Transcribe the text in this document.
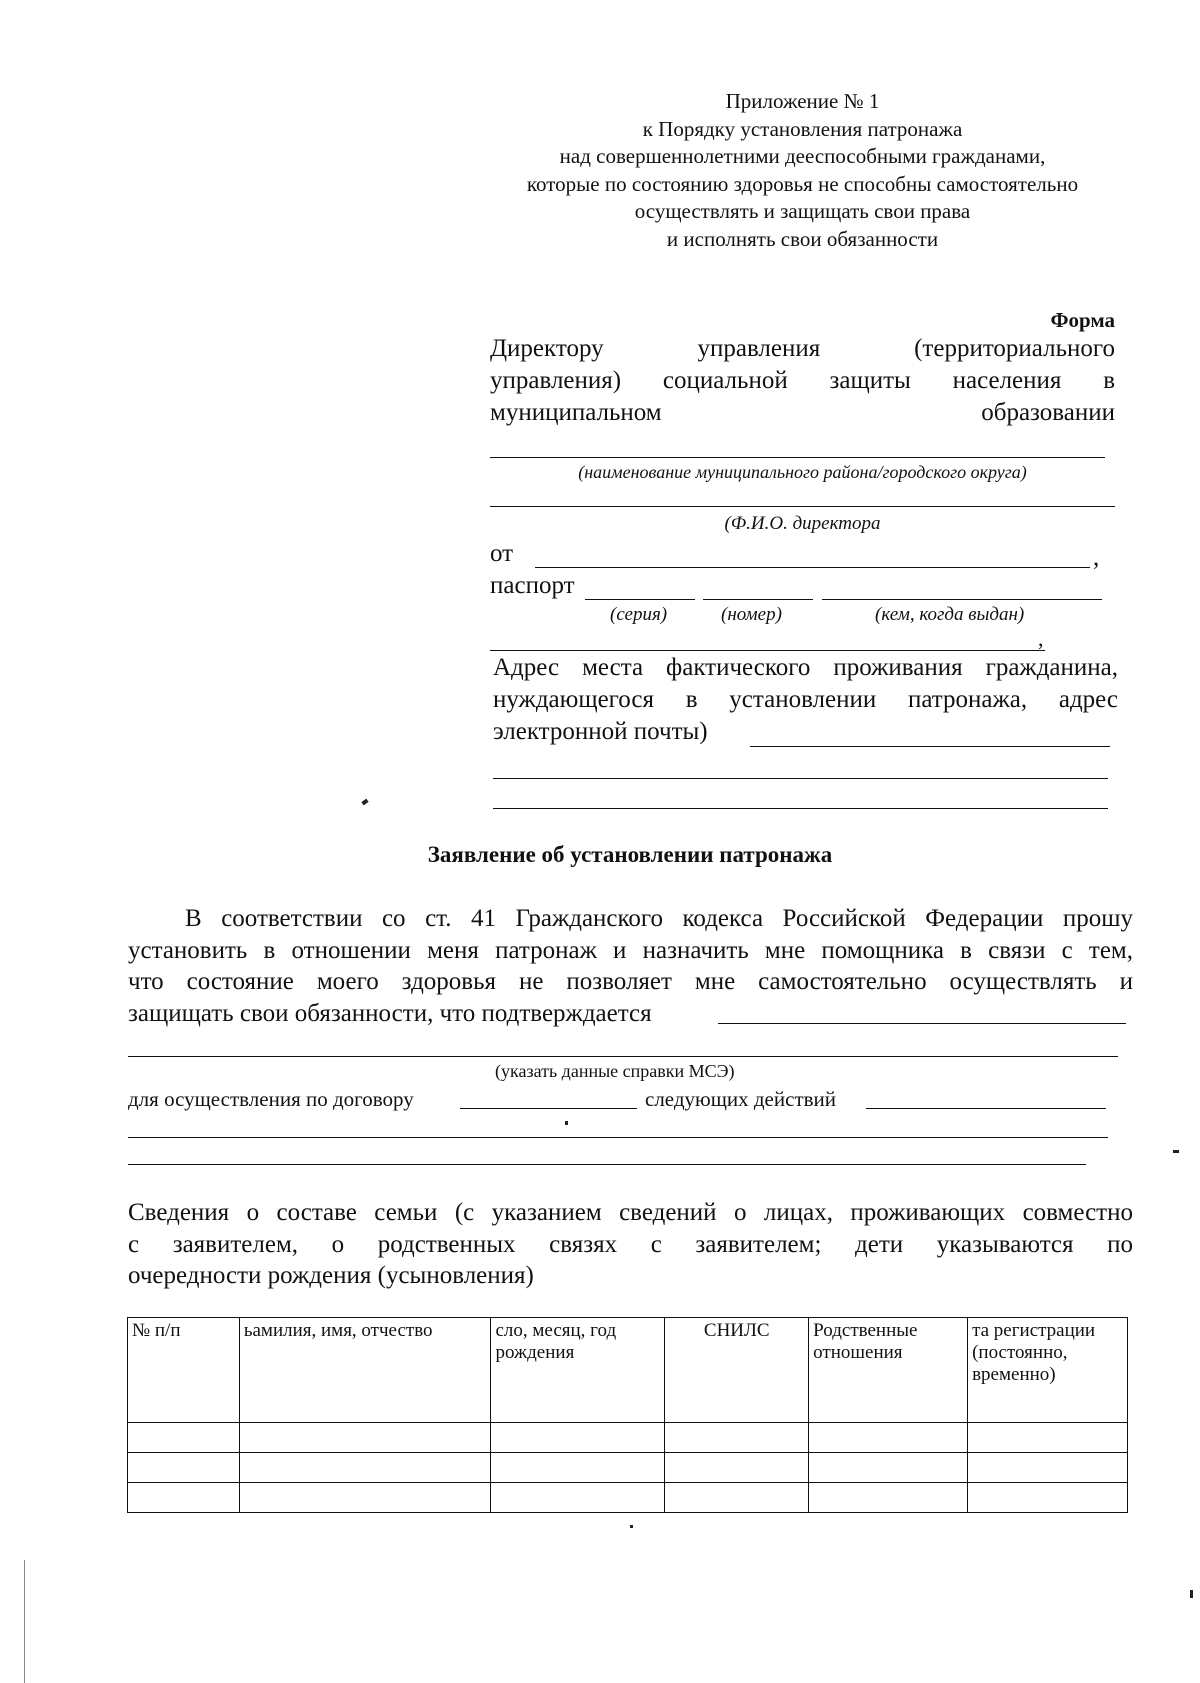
Приложение № 1
к Порядку установления патронажа
над совершеннолетними дееспособными гражданами,
которые по состоянию здоровья не способны самостоятельно
осуществлять и защищать свои права
и исполнять свои обязанности
Форма
Директору	управления	(территориального
управления) социальной защиты населения в
муниципальном	образовании
(наименование муниципального района/городского округа)
(Ф.И.О. директора
от	,
паспорт
(серия)	(номер)	(кем, когда выдан)
,
Адрес места фактического проживания гражданина,
нуждающегося в установлении патронажа, адрес
электронной почты)
Заявление об установлении патронажа
В соответствии со ст. 41 Гражданского кодекса Российской Федерации прошу
установить в отношении меня патронаж и назначить мне помощника в связи с тем,
что состояние моего здоровья не позволяет мне самостоятельно осуществлять и
защищать свои обязанности, что подтверждается
(указать данные справки МСЭ)
для осуществления по договору	следующих действий
Сведения о составе семьи (с указанием сведений о лицах, проживающих совместно
с заявителем, о родственных связях с заявителем; дети указываются по
очередности рождения (усыновления)
№ п/п	ьамилия, имя, отчество	сло, месяц, год рождения	СНИЛС	Родственные отношения	та регистрации (постоянно, временно)
